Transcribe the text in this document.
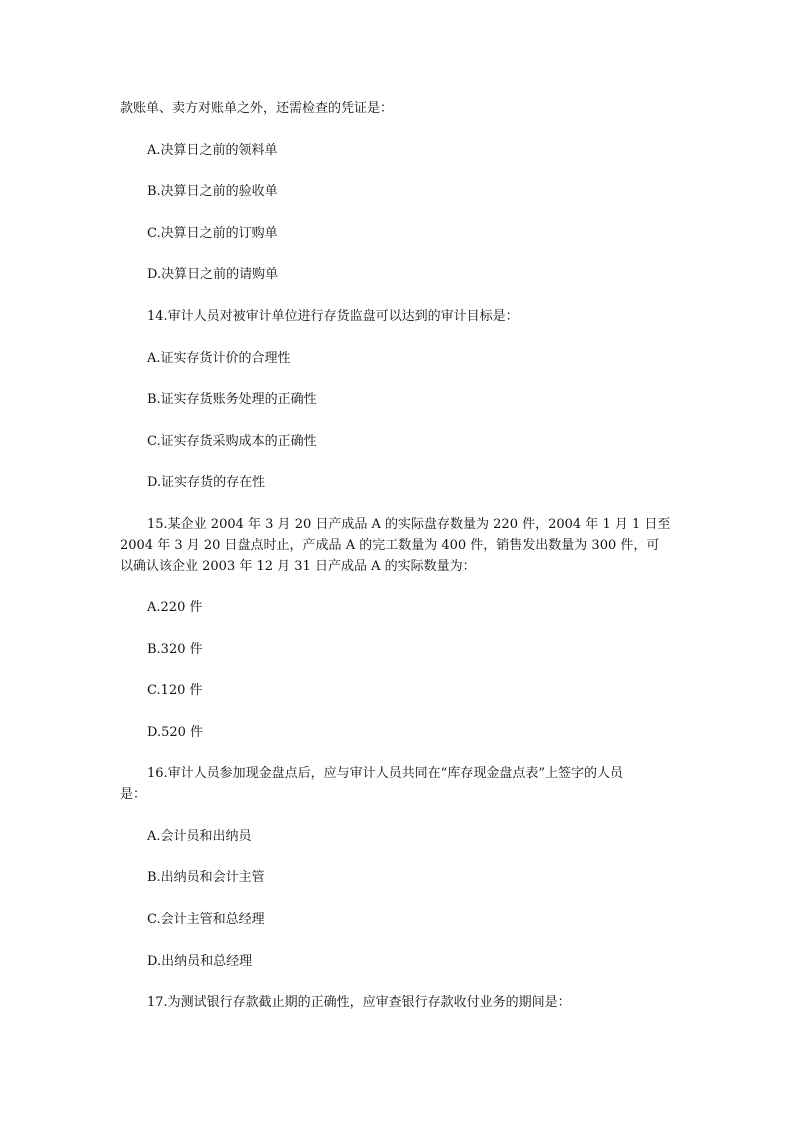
款账单、卖方对账单之外，还需检查的凭证是：
A.决算日之前的领料单
B.决算日之前的验收单
C.决算日之前的订购单
D.决算日之前的请购单
14.审计人员对被审计单位进行存货监盘可以达到的审计目标是：
A.证实存货计价的合理性
B.证实存货账务处理的正确性
C.证实存货采购成本的正确性
D.证实存货的存在性
15.某企业 2004 年 3 月 20 日产成品 A 的实际盘存数量为 220 件，2004 年 1 月 1 日至
2004 年 3 月 20 日盘点时止，产成品 A 的完工数量为 400 件，销售发出数量为 300 件，可
以确认该企业 2003 年 12 月 31 日产成品 A 的实际数量为：
A.220 件
B.320 件
C.120 件
D.520 件
16.审计人员参加现金盘点后，应与审计人员共同在“库存现金盘点表”上签字的人员
是：
A.会计员和出纳员
B.出纳员和会计主管
C.会计主管和总经理
D.出纳员和总经理
17.为测试银行存款截止期的正确性，应审查银行存款收付业务的期间是：
